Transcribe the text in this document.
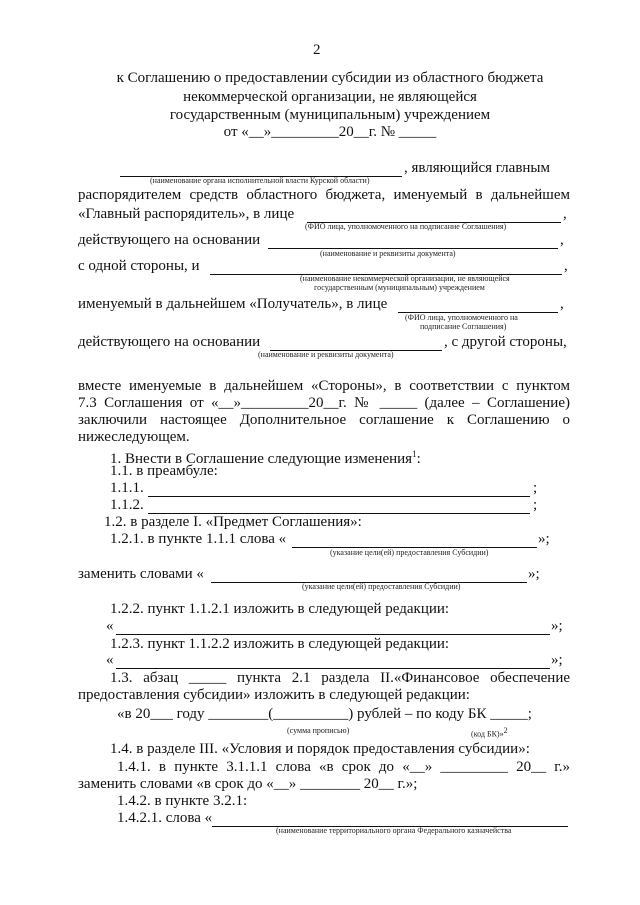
2
к Соглашению о предоставлении субсидии из областного бюджета
некоммерческой организации, не являющейся
государственным (муниципальным) учреждением
от «__»_________20__г. № _____
, являющийся главным
(наименование органа исполнительной власти Курской области)
распорядителем средств областного бюджета, именуемый в дальнейшем
«Главный распорядитель», в лице	,
(ФИО лица, уполномоченного на подписание Соглашения)
действующего на основании	,
(наименование и реквизиты документа)
с одной стороны, и	,
(наименование некоммерческой организации, не являющейся
государственным (муниципальным) учреждением
именуемый в дальнейшем «Получатель», в лице	,
(ФИО лица, уполномоченного на
подписание Соглашения)
действующего на основании	, с другой стороны,
(наименование и реквизиты документа)
вместе именуемые в дальнейшем «Стороны», в соответствии с пунктом
7.3 Соглашения от «__»_________20__г. № _____ (далее – Соглашение)
заключили настоящее Дополнительное соглашение к Соглашению о
нижеследующем.
1. Внести в Соглашение следующие изменения$^1$:
1.1. в преамбуле:
1.1.1.	;
1.1.2.	;
1.2. в разделе I. «Предмет Соглашения»:
1.2.1. в пункте 1.1.1 слова «	»;
(указание цели(ей) предоставления Субсидии)
заменить словами «	»;
(указание цели(ей) предоставления Субсидии)
1.2.2. пункт 1.1.2.1 изложить в следующей редакции:
«	»;
1.2.3. пункт 1.1.2.2 изложить в следующей редакции:
«	»;
1.3. абзац _____ пункта 2.1 раздела II.«Финансовое обеспечение
предоставления субсидии» изложить в следующей редакции:
«в 20___ году ________(__________) рублей – по коду БК _____;
(сумма прописью)	(код БК)»$^2$
1.4. в разделе III. «Условия и порядок предоставления субсидии»:
1.4.1. в пункте 3.1.1.1 слова «в срок до «__» _________ 20__ г.»
заменить словами «в срок до «__» ________ 20__ г.»;
1.4.2. в пункте 3.2.1:
1.4.2.1. слова «
(наименование территориального органа Федерального казначейства
